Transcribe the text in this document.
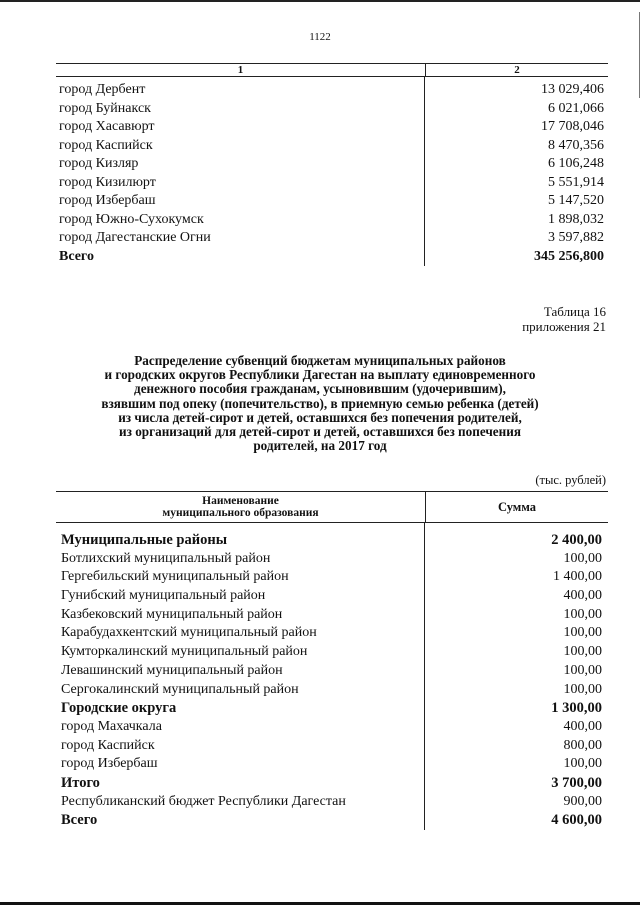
1122
1	2
город Дербент	13 029,406
город Буйнакск	6 021,066
город Хасавюрт	17 708,046
город Каспийск	8 470,356
город Кизляр	6 106,248
город Кизилюрт	5 551,914
город Избербаш	5 147,520
город Южно-Сухокумск	1 898,032
город Дагестанские Огни	3 597,882
Всего	345 256,800
Таблица 16
приложения 21
Распределение субвенций бюджетам муниципальных районов
и городских округов Республики Дагестан на выплату единовременного
денежного пособия гражданам, усыновившим (удочерившим),
взявшим под опеку (попечительство), в приемную семью ребенка (детей)
из числа детей-сирот и детей, оставшихся без попечения родителей,
из организаций для детей-сирот и детей, оставшихся без попечения
родителей, на 2017 год
(тыс. рублей)
Наименование
муниципального образования	Сумма
Муниципальные районы	2 400,00
Ботлихский муниципальный район	100,00
Гергебильский муниципальный район	1 400,00
Гунибский муниципальный район	400,00
Казбековский муниципальный район	100,00
Карабудахкентский муниципальный район	100,00
Кумторкалинский муниципальный район	100,00
Левашинский муниципальный район	100,00
Сергокалинский муниципальный район	100,00
Городские округа	1 300,00
город Махачкала	400,00
город Каспийск	800,00
город Избербаш	100,00
Итого	3 700,00
Республиканский бюджет Республики Дагестан	900,00
Всего	4 600,00
